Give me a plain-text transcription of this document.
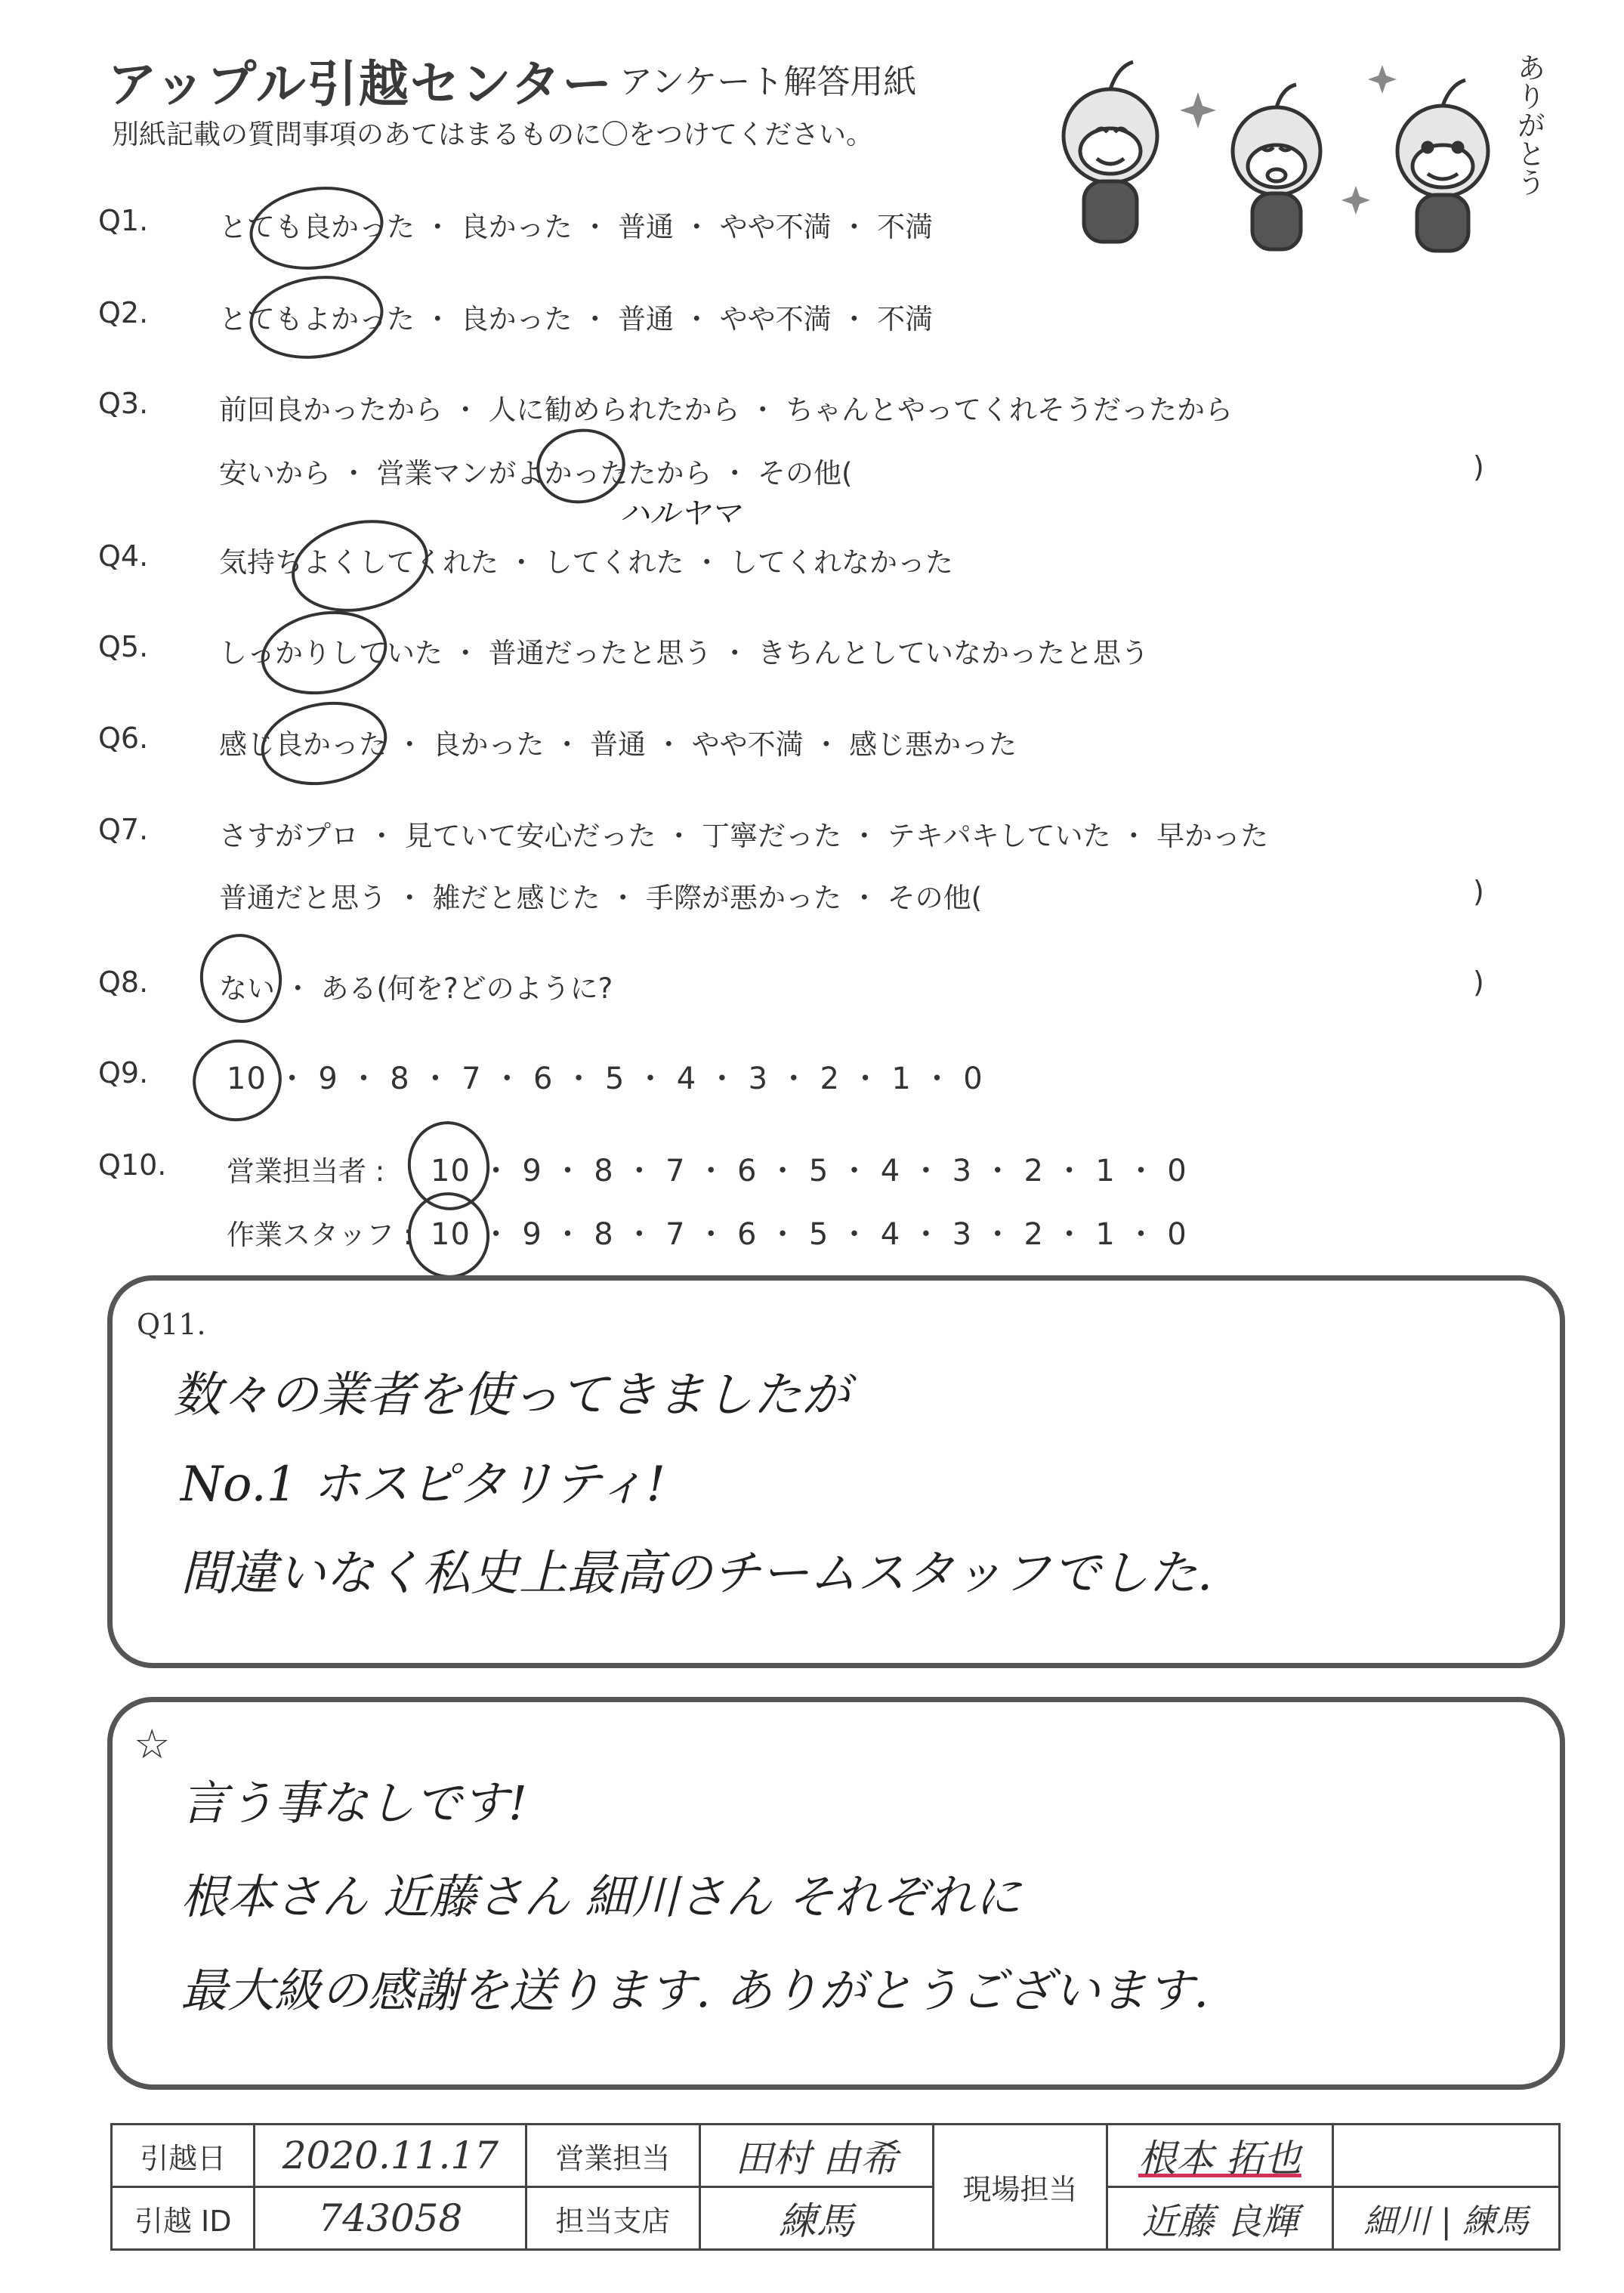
アップル引越センター アンケート解答用紙
別紙記載の質問事項のあてはまるものに〇をつけてください。	ありがとう
Q1.
Q2.
Q3.
Q4.
Q5.
Q6.
Q7.
Q8.
Q9.
Q10.
とても良かった ・ 良かった ・ 普通 ・ やや不満 ・ 不満
とてもよかった ・ 良かった ・ 普通 ・ やや不満 ・ 不満
前回良かったから ・ 人に勧められたから ・ ちゃんとやってくれそうだったから
安いから ・ 営業マンがよかったたから ・ その他(	)
ハルヤマ
気持ちよくしてくれた ・ してくれた ・ してくれなかった
しっかりしていた ・ 普通だったと思う ・ きちんとしていなかったと思う
感じ良かった ・ 良かった ・ 普通 ・ やや不満 ・ 感じ悪かった
さすがプロ ・ 見ていて安心だった ・ 丁寧だった ・ テキパキしていた ・ 早かった
普通だと思う ・ 雑だと感じた ・ 手際が悪かった ・ その他(	)
ない ・ ある(何を?どのように?	)
10 ・ 9 ・ 8 ・ 7 ・ 6 ・ 5 ・ 4 ・ 3 ・ 2 ・ 1 ・ 0
営業担当者 : 10 ・ 9 ・ 8 ・ 7 ・ 6 ・ 5 ・ 4 ・ 3 ・ 2 ・ 1 ・ 0
作業スタッフ : 10 ・ 9 ・ 8 ・ 7 ・ 6 ・ 5 ・ 4 ・ 3 ・ 2 ・ 1 ・ 0
Q11.
数々の業者を使ってきましたが
No.1 ホスピタリティ!
間違いなく私史上最高のチームスタッフでした.
☆
言う事なしです!
根本さん 近藤さん 細川さん それぞれに
最大級の感謝を送ります. ありがとうございます.
引越日	2020.11.17	営業担当	田村 由希	現場担当	根本 拓也	
引越 ID	743058	担当支店	練馬		近藤 良輝	細川 | 練馬
